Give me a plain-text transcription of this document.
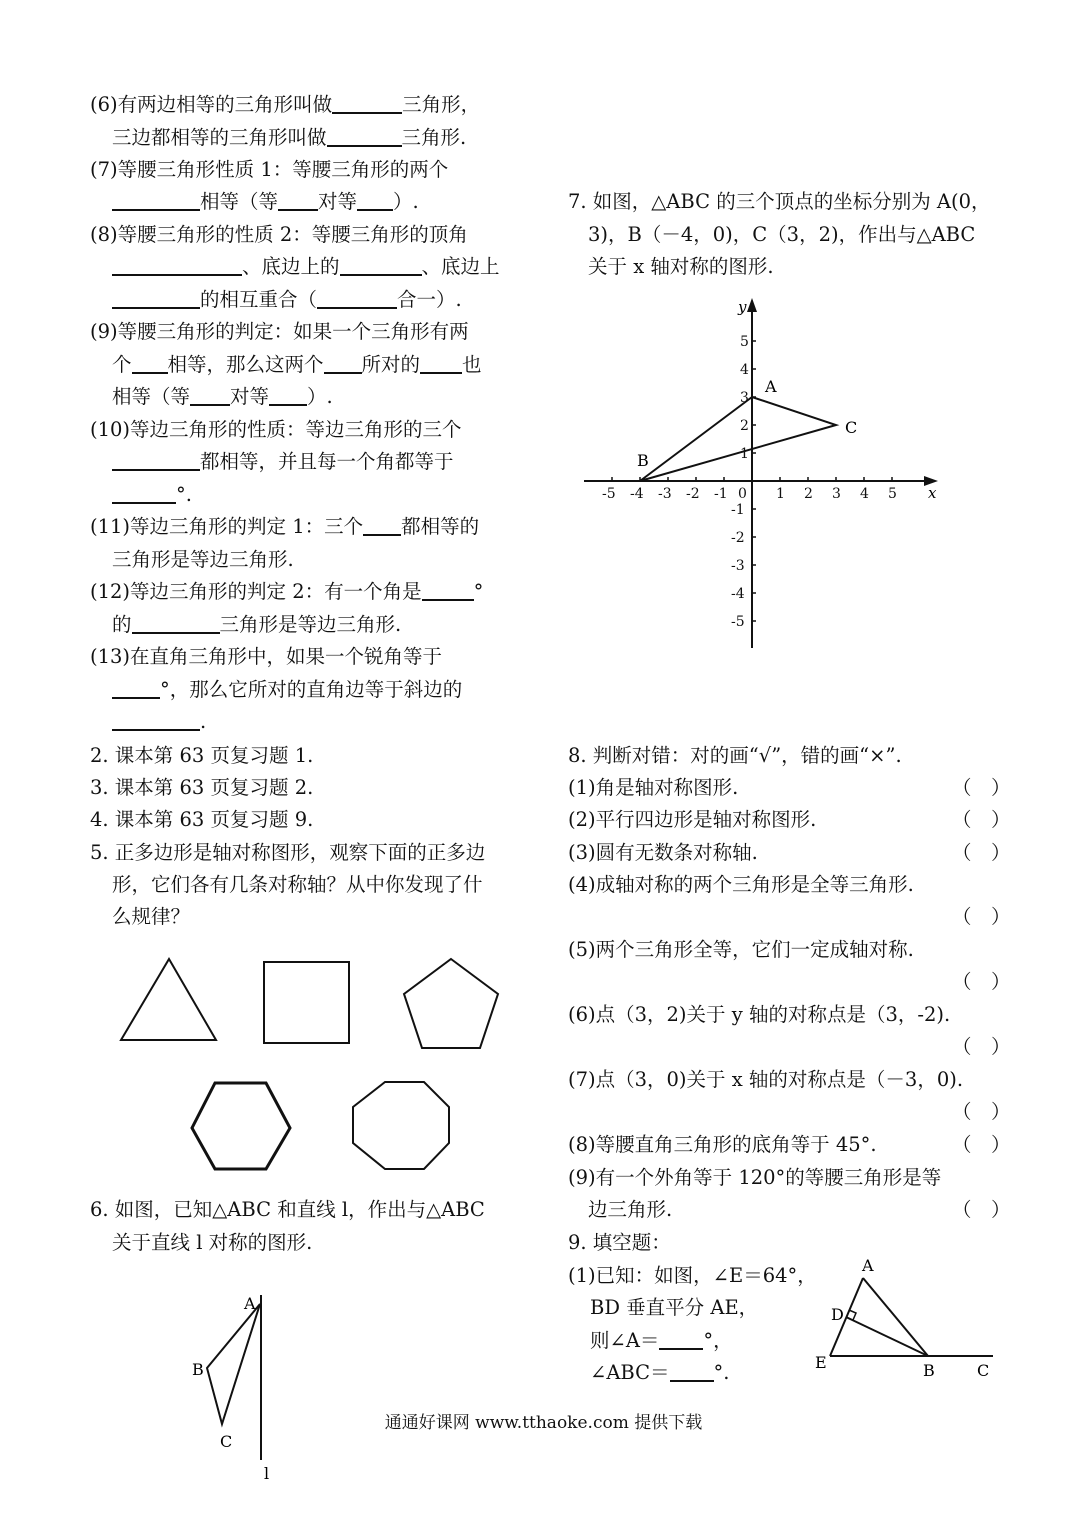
(6)有两边相等的三角形叫做	三角形，
三边都相等的三角形叫做	三角形.
(7)等腰三角形性质 1：等腰三角形的两个
相等（等 对等 ）.
(8)等腰三角形的性质 2：等腰三角形的顶角
、底边上的	、底边上
的相互重合（	合一）.
(9)等腰三角形的判定：如果一个三角形有两
个 相等，那么这两个 所对的 也
相等（等 对等 ）.
(10)等边三角形的性质：等边三角形的三个
都相等，并且每一个角都等于
°.
(11)等边三角形的判定 1：三个 都相等的
三角形是等边三角形.
(12)等边三角形的判定 2：有一个角是	°
的	三角形是等边三角形.
(13)在直角三角形中，如果一个锐角等于
°，那么它所对的直角边等于斜边的
.
2. 课本第 63 页复习题 1.
3. 课本第 63 页复习题 2.
4. 课本第 63 页复习题 9.
5. 正多边形是轴对称图形，观察下面的正多边
形，它们各有几条对称轴？从中你发现了什
么规律？
6. 如图，已知△ABC 和直线 l，作出与△ABC
关于直线 l 对称的图形.
A
B
C
l
7. 如图，△ABC 的三个顶点的坐标分别为 A(0，
3)，B（－4，0)，C（3，2)，作出与△ABC
关于 x 轴对称的图形.
8. 判断对错：对的画“√”，错的画“×”.
(1)角是轴对称图形.	（　）
(2)平行四边形是轴对称图形.	（　）
(3)圆有无数条对称轴.	（　）
(4)成轴对称的两个三角形是全等三角形.
（　）
(5)两个三角形全等，它们一定成轴对称.
（　）
(6)点（3，2)关于 y 轴的对称点是（3，-2).
（　）
(7)点（3，0)关于 x 轴的对称点是（－3，0).
（　）
(8)等腰直角三角形的底角等于 45°.	（　）
(9)有一个外角等于 120°的等腰三角形是等
边三角形.	（　）
9. 填空题：
(1)已知：如图，∠E＝64°，
BD 垂直平分 AE，
则∠A＝ °，
∠ABC＝ °.
-5 -4 -3 -2 -1 0 1 2 3 4 5
1
2
3
4
5
-1
-2
-3
-4
-5
x
y
A
B
C
A
D
E	B	C
通通好课网 www.tthaoke.com 提供下载
